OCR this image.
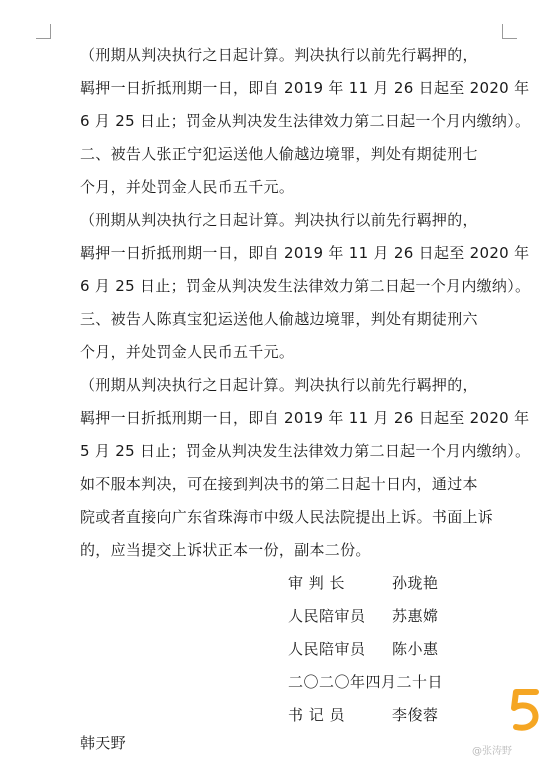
（刑期从判决执行之日起计算。判决执行以前先行羁押的，
羁押一日折抵刑期一日，即自 2019 年 11 月 26 日起至 2020 年
6 月 25 日止；罚金从判决发生法律效力第二日起一个月内缴纳）。
二、被告人张正宁犯运送他人偷越边境罪，判处有期徒刑七
个月，并处罚金人民币五千元。
（刑期从判决执行之日起计算。判决执行以前先行羁押的，
羁押一日折抵刑期一日，即自 2019 年 11 月 26 日起至 2020 年
6 月 25 日止；罚金从判决发生法律效力第二日起一个月内缴纳）。
三、被告人陈真宝犯运送他人偷越边境罪，判处有期徒刑六
个月，并处罚金人民币五千元。
（刑期从判决执行之日起计算。判决执行以前先行羁押的，
羁押一日折抵刑期一日，即自 2019 年 11 月 26 日起至 2020 年
5 月 25 日止；罚金从判决发生法律效力第二日起一个月内缴纳）。
如不服本判决，可在接到判决书的第二日起十日内，通过本
院或者直接向广东省珠海市中级人民法院提出上诉。书面上诉
的，应当提交上诉状正本一份，副本二份。
审 判 长	孙珑艳
人民陪审员 苏惠嫦
人民陪审员 陈小惠
二〇二〇年四月二十日
书 记 员	李俊蓉
韩天野	@张涛野
